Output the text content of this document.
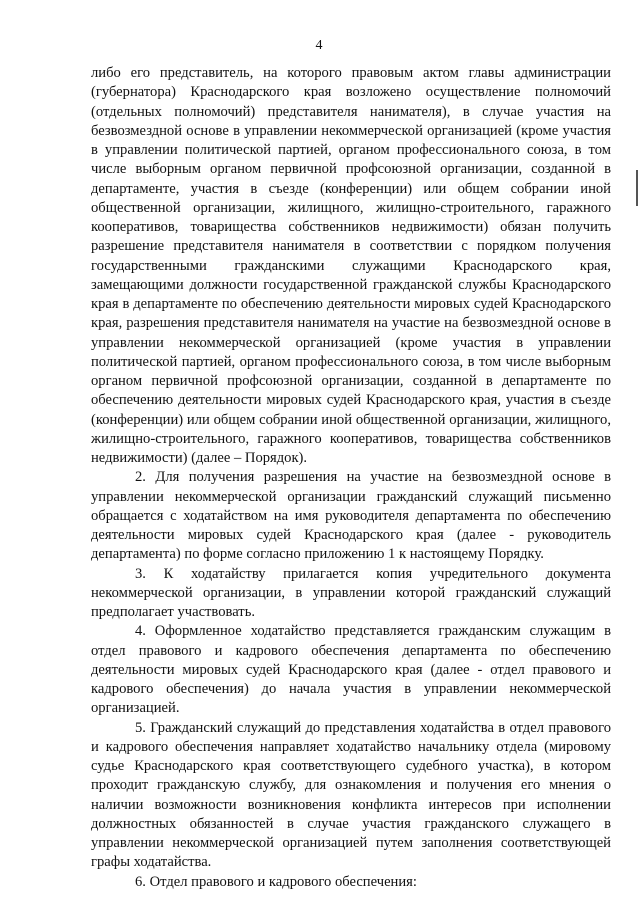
4

либо его представитель, на которого правовым актом главы администрации (губернатора) Краснодарского края возложено осуществление полномочий (отдельных полномочий) представителя нанимателя), в случае участия на безвозмездной основе в управлении некоммерческой организацией (кроме участия в управлении политической партией, органом профессионального союза, в том числе выборным органом первичной профсоюзной организации, созданной в департаменте, участия в съезде (конференции) или общем собрании иной общественной организации, жилищного, жилищно-строительного, гаражного кооперативов, товарищества собственников недвижимости) обязан получить разрешение представителя нанимателя в соответствии с порядком получения государственными гражданскими служащими Краснодарского края, замещающими должности государственной гражданской службы Краснодарского края в департаменте по обеспечению деятельности мировых судей Краснодарского края, разрешения представителя нанимателя на участие на безвозмездной основе в управлении некоммерческой организацией (кроме участия в управлении политической партией, органом профессионального союза, в том числе выборным органом первичной профсоюзной организации, созданной в департаменте по обеспечению деятельности мировых судей Краснодарского края, участия в съезде (конференции) или общем собрании иной общественной организации, жилищного, жилищно-строительного, гаражного кооперативов, товарищества собственников недвижимости) (далее – Порядок).

2. Для получения разрешения на участие на безвозмездной основе в управлении некоммерческой организации гражданский служащий письменно обращается с ходатайством на имя руководителя департамента по обеспечению деятельности мировых судей Краснодарского края (далее - руководитель департамента) по форме согласно приложению 1 к настоящему Порядку.

3. К ходатайству прилагается копия учредительного документа некоммерческой организации, в управлении которой гражданский служащий предполагает участвовать.

4. Оформленное ходатайство представляется гражданским служащим в отдел правового и кадрового обеспечения департамента по обеспечению деятельности мировых судей Краснодарского края (далее - отдел правового и кадрового обеспечения) до начала участия в управлении некоммерческой организацией.

5. Гражданский служащий до представления ходатайства в отдел правового и кадрового обеспечения направляет ходатайство начальнику отдела (мировому судье Краснодарского края соответствующего судебного участка), в котором проходит гражданскую службу, для ознакомления и получения его мнения о наличии возможности возникновения конфликта интересов при исполнении должностных обязанностей в случае участия гражданского служащего в управлении некоммерческой организацией путем заполнения соответствующей графы ходатайства.

6. Отдел правового и кадрового обеспечения:
